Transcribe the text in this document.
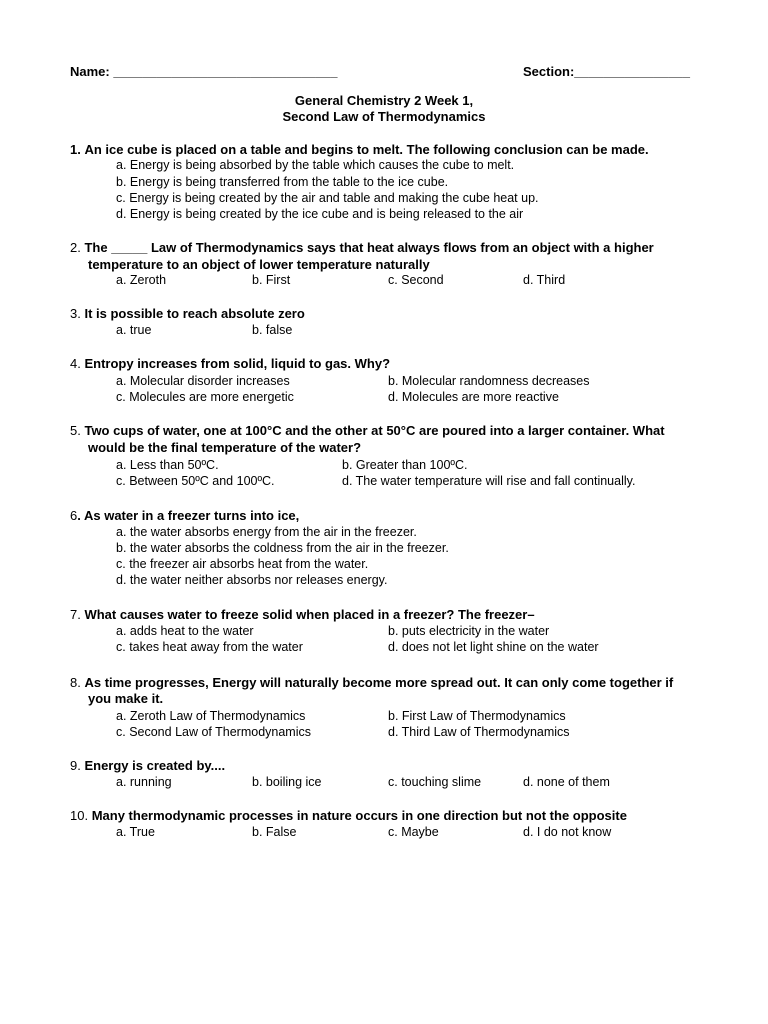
Name: _______________________________	Section:________________
General Chemistry 2 Week 1,
Second Law of Thermodynamics
1. An ice cube is placed on a table and begins to melt. The following conclusion can be made.
a. Energy is being absorbed by the table which causes the cube to melt.
b. Energy is being transferred from the table to the ice cube.
c. Energy is being created by the air and table and making the cube heat up.
d. Energy is being created by the ice cube and is being released to the air
2. The _____ Law of Thermodynamics says that heat always flows from an object with a higher
temperature to an object of lower temperature naturally
a. Zeroth	b. First	c. Second	d. Third
3. It is possible to reach absolute zero
a. true	b. false
4. Entropy increases from solid, liquid to gas. Why?
a. Molecular disorder increases	b. Molecular randomness decreases
c. Molecules are more energetic	d. Molecules are more reactive
5. Two cups of water, one at 100°C and the other at 50°C are poured into a larger container. What
would be the final temperature of the water?
a. Less than 50ºC.	b. Greater than 100ºC.
c. Between 50ºC and 100ºC.	d. The water temperature will rise and fall continually.
6. As water in a freezer turns into ice,
a. the water absorbs energy from the air in the freezer.
b. the water absorbs the coldness from the air in the freezer.
c. the freezer air absorbs heat from the water.
d. the water neither absorbs nor releases energy.
7. What causes water to freeze solid when placed in a freezer? The freezer–
a. adds heat to the water	b. puts electricity in the water
c. takes heat away from the water	d. does not let light shine on the water
8. As time progresses, Energy will naturally become more spread out. It can only come together if
you make it.
a. Zeroth Law of Thermodynamics	b. First Law of Thermodynamics
c. Second Law of Thermodynamics	d. Third Law of Thermodynamics
9. Energy is created by....
a. running	b. boiling ice	c. touching slime	d. none of them
10. Many thermodynamic processes in nature occurs in one direction but not the opposite
a. True	b. False	c. Maybe	d. I do not know
